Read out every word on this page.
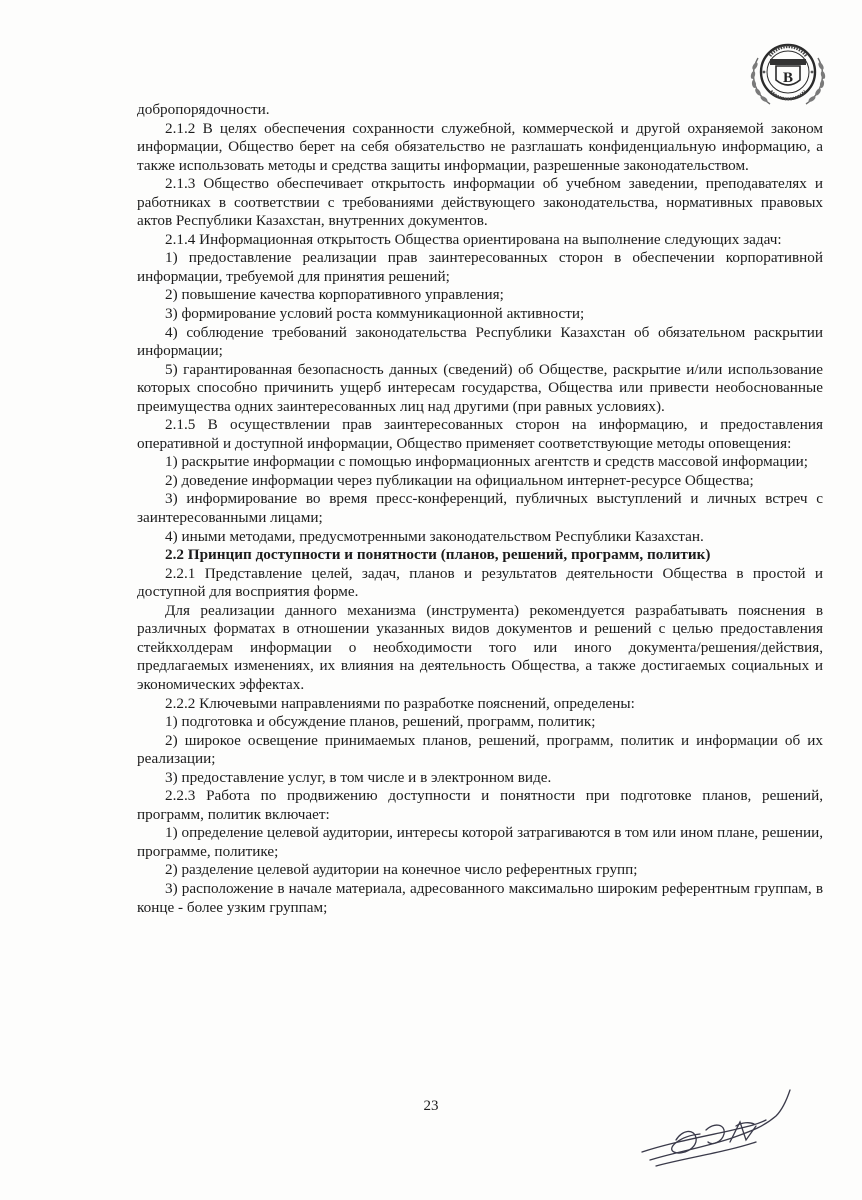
B

добропорядочности.

2.1.2 В целях обеспечения сохранности служебной, коммерческой и другой охраняемой законом информации, Общество берет на себя обязательство не разглашать конфиденциальную информацию, а также использовать методы и средства защиты информации, разрешенные законодательством.

2.1.3 Общество обеспечивает открытость информации об учебном заведении, преподавателях и работниках в соответствии с требованиями действующего законодательства, нормативных правовых актов Республики Казахстан, внутренних документов.

2.1.4 Информационная открытость Общества ориентирована на выполнение следующих задач:

1) предоставление реализации прав заинтересованных сторон в обеспечении корпоративной информации, требуемой для принятия решений;

2) повышение качества корпоративного управления;

3) формирование условий роста коммуникационной активности;

4) соблюдение требований законодательства Республики Казахстан об обязательном раскрытии информации;

5) гарантированная безопасность данных (сведений) об Обществе, раскрытие и/или использование которых способно причинить ущерб интересам государства, Общества или привести необоснованные преимущества одних заинтересованных лиц над другими (при равных условиях).

2.1.5 В осуществлении прав заинтересованных сторон на информацию, и предоставления оперативной и доступной информации, Общество применяет соответствующие методы оповещения:

1) раскрытие информации с помощью информационных агентств и средств массовой информации;

2) доведение информации через публикации на официальном интернет-ресурсе Общества;

3) информирование во время пресс-конференций, публичных выступлений и личных встреч с заинтересованными лицами;

4) иными методами, предусмотренными законодательством Республики Казахстан.

2.2 Принцип доступности и понятности (планов, решений, программ, политик)

2.2.1 Представление целей, задач, планов и результатов деятельности Общества в простой и доступной для восприятия форме.

Для реализации данного механизма (инструмента) рекомендуется разрабатывать пояснения в различных форматах в отношении указанных видов документов и решений с целью предоставления стейкхолдерам информации о необходимости того или иного документа/решения/действия, предлагаемых изменениях, их влияния на деятельность Общества, а также достигаемых социальных и экономических эффектах.

2.2.2 Ключевыми направлениями по разработке пояснений, определены:

1) подготовка и обсуждение планов, решений, программ, политик;

2) широкое освещение принимаемых планов, решений, программ, политик и информации об их реализации;

3) предоставление услуг, в том числе и в электронном виде.

2.2.3 Работа по продвижению доступности и понятности при подготовке планов, решений, программ, политик включает:

1) определение целевой аудитории, интересы которой затрагиваются в том или ином плане, решении, программе, политике;

2) разделение целевой аудитории на конечное число референтных групп;

3) расположение в начале материала, адресованного максимально широким референтным группам, в конце - более узким группам;

23
